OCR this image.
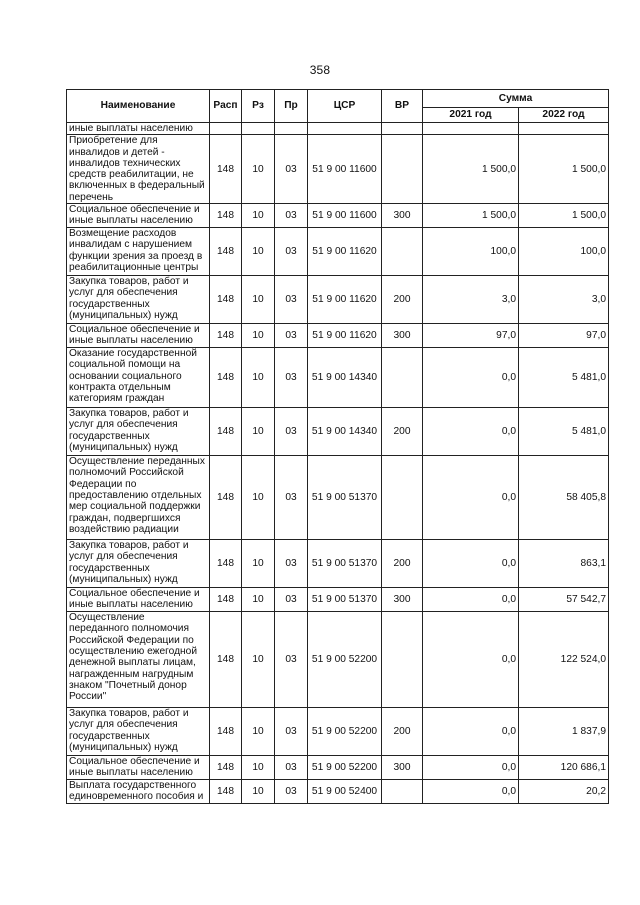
358
Наименование	Расп	Рз	Пр	ЦСР	ВР	Сумма	
						2021 год	2022 год
иные выплаты населению							
Приобретение для инвалидов и детей - инвалидов технических средств реабилитации, не включенных в федеральный перечень	148	10	03	51 9 00 11600		1 500,0	1 500,0
Социальное обеспечение и иные выплаты населению	148	10	03	51 9 00 11600	300	1 500,0	1 500,0
Возмещение расходов инвалидам с нарушением функции зрения за проезд в реабилитационные центры	148	10	03	51 9 00 11620		100,0	100,0
Закупка товаров, работ и услуг для обеспечения государственных (муниципальных) нужд	148	10	03	51 9 00 11620	200	3,0	3,0
Социальное обеспечение и иные выплаты населению	148	10	03	51 9 00 11620	300	97,0	97,0
Оказание государственной социальной помощи на основании социального контракта отдельным категориям граждан	148	10	03	51 9 00 14340		0,0	5 481,0
Закупка товаров, работ и услуг для обеспечения государственных (муниципальных) нужд	148	10	03	51 9 00 14340	200	0,0	5 481,0
Осуществление переданных полномочий Российской Федерации по предоставлению отдельных мер социальной поддержки граждан, подвергшихся воздействию радиации	148	10	03	51 9 00 51370		0,0	58 405,8
Закупка товаров, работ и услуг для обеспечения государственных (муниципальных) нужд	148	10	03	51 9 00 51370	200	0,0	863,1
Социальное обеспечение и иные выплаты населению	148	10	03	51 9 00 51370	300	0,0	57 542,7
Осуществление переданного полномочия Российской Федерации по осуществлению ежегодной денежной выплаты лицам, награжденным нагрудным знаком "Почетный донор России"	148	10	03	51 9 00 52200		0,0	122 524,0
Закупка товаров, работ и услуг для обеспечения государственных (муниципальных) нужд	148	10	03	51 9 00 52200	200	0,0	1 837,9
Социальное обеспечение и иные выплаты населению	148	10	03	51 9 00 52200	300	0,0	120 686,1
Выплата государственного единовременного пособия и	148	10	03	51 9 00 52400		0,0	20,2
